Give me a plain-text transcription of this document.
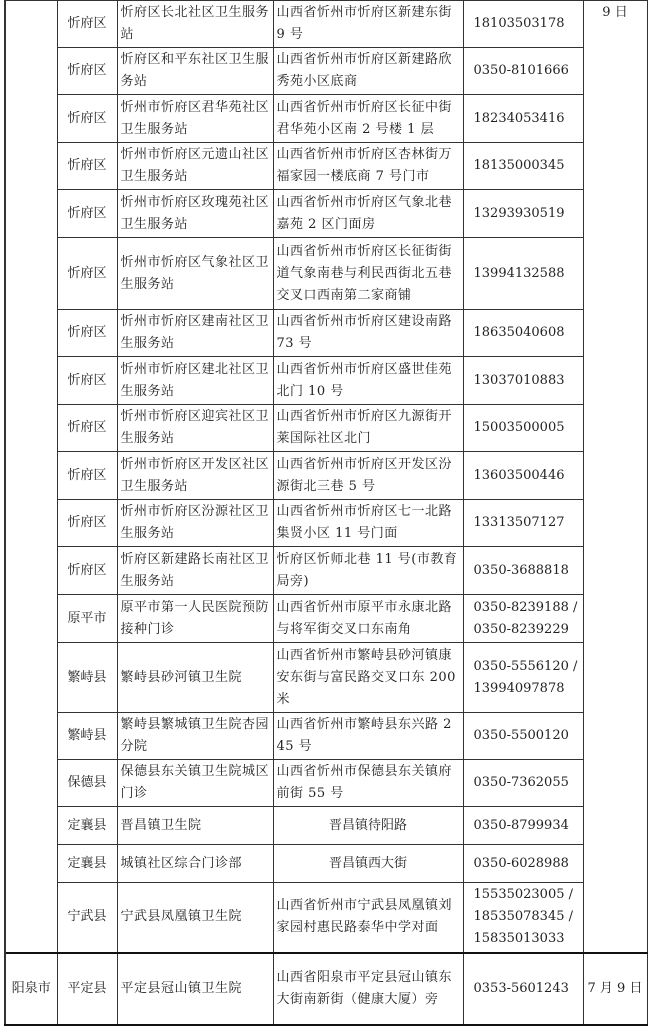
	忻府区	忻府区长北社区卫生服务站	山西省忻州市忻府区新建东街 9 号	18103503178	9 日
	忻府区	忻府区和平东社区卫生服务站	山西省忻州市忻府区新建路欣秀苑小区底商	0350-8101666	
	忻府区	忻州市忻府区君华苑社区卫生服务站	山西省忻州市忻府区长征中街君华苑小区南 2 号楼 1 层	18234053416	
	忻府区	忻州市忻府区元遗山社区卫生服务站	山西省忻州市忻府区杏林街万福家园一楼底商 7 号门市	18135000345	
	忻府区	忻州市忻府区玫瑰苑社区卫生服务站	山西省忻州市忻府区气象北巷嘉苑 2 区门面房	13293930519	
	忻府区	忻州市忻府区气象社区卫生服务站	山西省忻州市忻府区长征街街道气象南巷与利民西街北五巷交叉口西南第二家商铺	13994132588	
	忻府区	忻州市忻府区建南社区卫生服务站	山西省忻州市忻府区建设南路 73 号	18635040608	
	忻府区	忻州市忻府区建北社区卫生服务站	山西省忻州市忻府区盛世佳苑北门 10 号	13037010883	
	忻府区	忻州市忻府区迎宾社区卫生服务站	山西省忻州市忻府区九源街开莱国际社区北门	15003500005	
	忻府区	忻州市忻府区开发区社区卫生服务站	山西省忻州市忻府区开发区汾源街北三巷 5 号	13603500446	
	忻府区	忻州市忻府区汾源社区卫生服务站	山西省忻州市忻府区七一北路集贤小区 11 号门面	13313507127	
	忻府区	忻府区新建路长南社区卫生服务站	忻府区忻师北巷 11 号(市教育局旁)	0350-3688818	
	原平市	原平市第一人民医院预防接种门诊	山西省忻州市原平市永康北路与将军街交叉口东南角	0350-8239188 /0350-8239229	
	繁峙县	繁峙县砂河镇卫生院	山西省忻州市繁峙县砂河镇康安东街与富民路交叉口东 200 米	0350-5556120 /13994097878	
	繁峙县	繁峙县繁城镇卫生院杏园分院	山西省忻州市繁峙县东兴路 245 号	0350-5500120	
	保德县	保德县东关镇卫生院城区门诊	山西省忻州市保德县东关镇府前街 55 号	0350-7362055	
	定襄县	晋昌镇卫生院	晋昌镇待阳路	0350-8799934	
	定襄县	城镇社区综合门诊部	晋昌镇西大街	0350-6028988	
	宁武县	宁武县凤凰镇卫生院	山西省忻州市宁武县凤凰镇刘家园村惠民路泰华中学对面	15535023005 /18535078345 /15835013033	
阳泉市	平定县	平定县冠山镇卫生院	山西省阳泉市平定县冠山镇东大街南新街（健康大厦）旁	0353-5601243	7 月 9 日
